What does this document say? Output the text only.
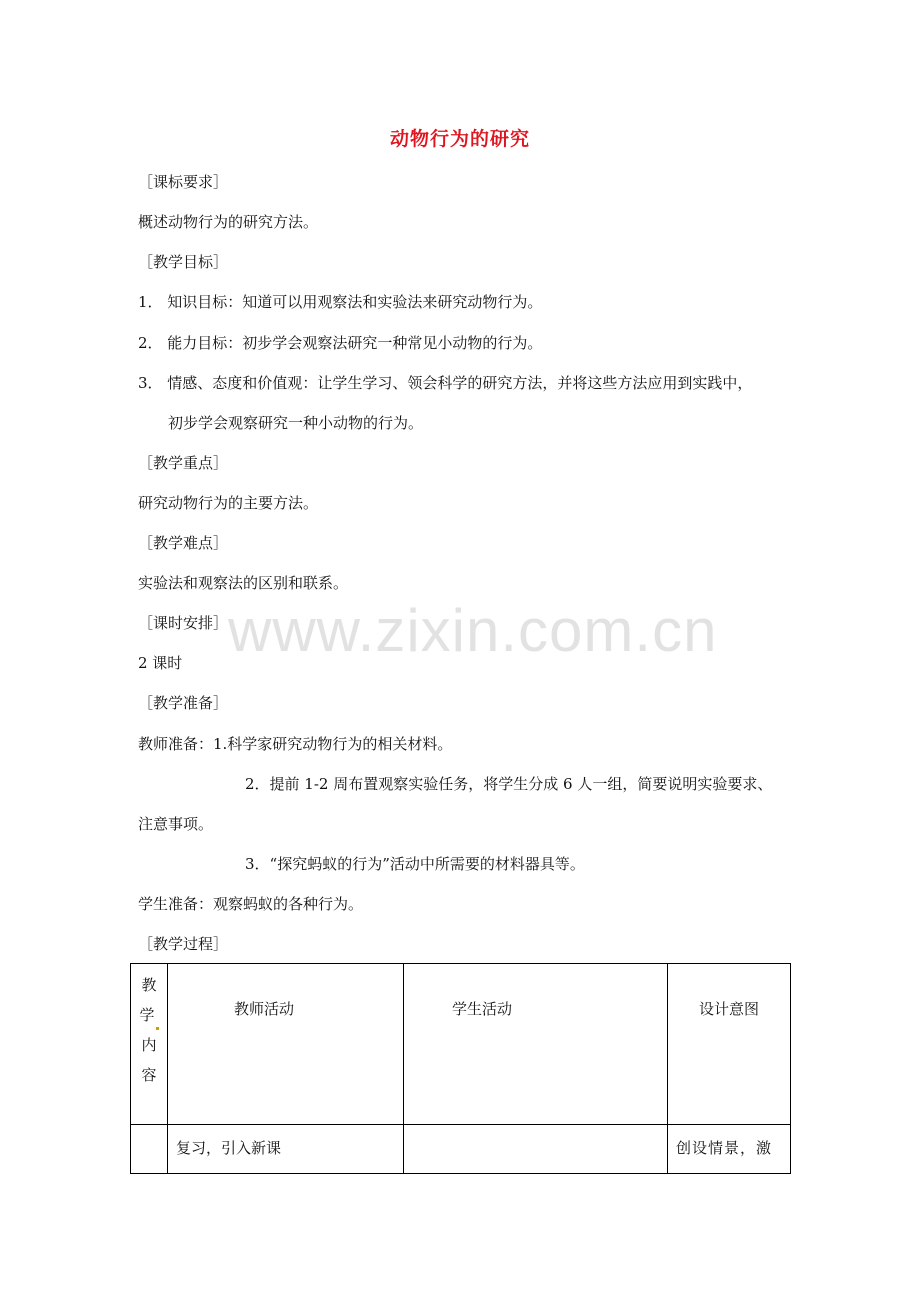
动物行为的研究
［课标要求］
概述动物行为的研究方法。
［教学目标］
1． 知识目标：知道可以用观察法和实验法来研究动物行为。
2． 能力目标：初步学会观察法研究一种常见小动物的行为。
3． 情感、态度和价值观：让学生学习、领会科学的研究方法，并将这些方法应用到实践中，
初步学会观察研究一种小动物的行为。
［教学重点］
研究动物行为的主要方法。
［教学难点］
实验法和观察法的区别和联系。
［课时安排］
2 课时
［教学准备］
教师准备：1.科学家研究动物行为的相关材料。
2．提前 1-2 周布置观察实验任务，将学生分成 6 人一组，简要说明实验要求、
注意事项。
3．“探究蚂蚁的行为”活动中所需要的材料器具等。
学生准备：观察蚂蚁的各种行为。
［教学过程］
www.zixin.com.cn
教
学
内
容	教师活动	学生活动	设计意图
	复习，引入新课		创设情景，激
